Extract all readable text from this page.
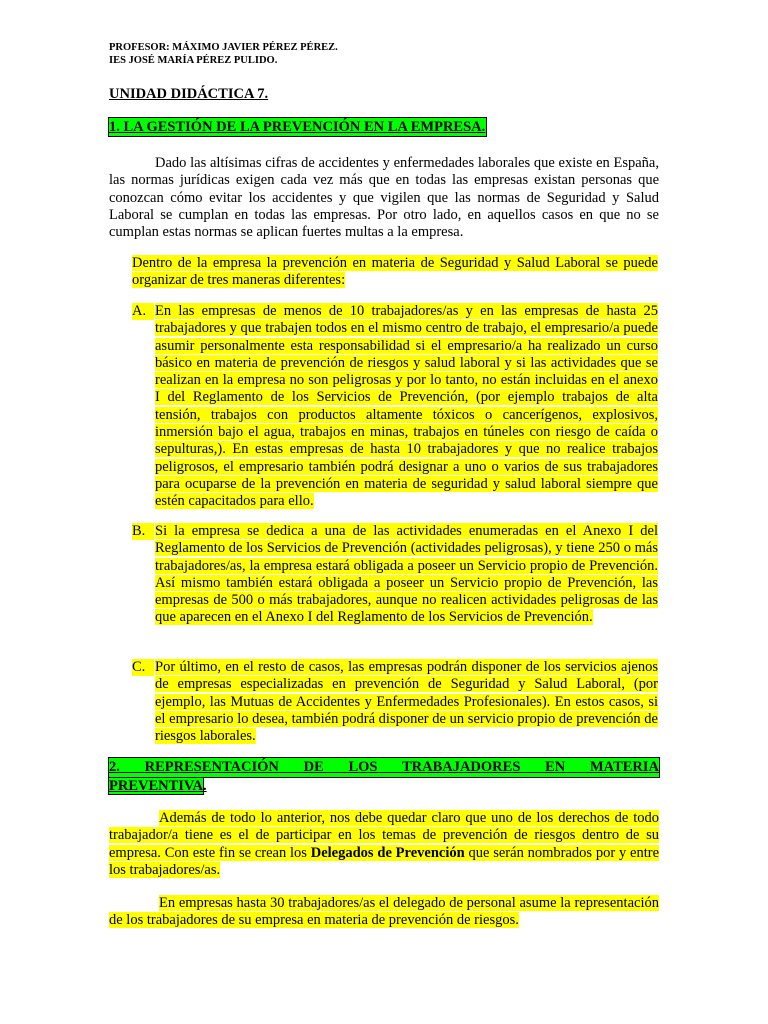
PROFESOR: MÁXIMO JAVIER PÉREZ PÉREZ.
IES JOSÉ MARÍA PÉREZ PULIDO.
UNIDAD DIDÁCTICA 7.
1. LA GESTIÓN DE LA PREVENCIÓN EN LA EMPRESA.
Dado las altísimas cifras de accidentes y enfermedades laborales que existe en España, las normas jurídicas exigen cada vez más que en todas las empresas existan personas que conozcan cómo evitar los accidentes y que vigilen que las normas de Seguridad y Salud Laboral se cumplan en todas las empresas. Por otro lado, en aquellos casos en que no se cumplan estas normas se aplican fuertes multas a la empresa.
Dentro de la empresa la prevención en materia de Seguridad y Salud Laboral se puede organizar de tres maneras diferentes:
A. En las empresas de menos de 10 trabajadores/as y en las empresas de hasta 25 trabajadores y que trabajen todos en el mismo centro de trabajo, el empresario/a puede asumir personalmente esta responsabilidad si el empresario/a ha realizado un curso básico en materia de prevención de riesgos y salud laboral y si las actividades que se realizan en la empresa no son peligrosas y por lo tanto, no están incluidas en el anexo I del Reglamento de los Servicios de Prevención, (por ejemplo trabajos de alta tensión, trabajos con productos altamente tóxicos o cancerígenos, explosivos, inmersión bajo el agua, trabajos en minas, trabajos en túneles con riesgo de caída o sepulturas,). En estas empresas de hasta 10 trabajadores y que no realice trabajos peligrosos, el empresario también podrá designar a uno o varios de sus trabajadores para ocuparse de la prevención en materia de seguridad y salud laboral siempre que estén capacitados para ello.
B. Si la empresa se dedica a una de las actividades enumeradas en el Anexo I del Reglamento de los Servicios de Prevención (actividades peligrosas), y tiene 250 o más trabajadores/as, la empresa estará obligada a poseer un Servicio propio de Prevención. Así mismo también estará obligada a poseer un Servicio propio de Prevención, las empresas de 500 o más trabajadores, aunque no realicen actividades peligrosas de las que aparecen en el Anexo I del Reglamento de los Servicios de Prevención.
C. Por último, en el resto de casos, las empresas podrán disponer de los servicios ajenos de empresas especializadas en prevención de Seguridad y Salud Laboral, (por ejemplo, las Mutuas de Accidentes y Enfermedades Profesionales). En estos casos, si el empresario lo desea, también podrá disponer de un servicio propio de prevención de riesgos laborales.
2. REPRESENTACIÓN DE LOS TRABAJADORES EN MATERIA
PREVENTIVA.
Además de todo lo anterior, nos debe quedar claro que uno de los derechos de todo trabajador/a tiene es el de participar en los temas de prevención de riesgos dentro de su empresa. Con este fin se crean los Delegados de Prevención que serán nombrados por y entre los trabajadores/as.
En empresas hasta 30 trabajadores/as el delegado de personal asume la representación de los trabajadores de su empresa en materia de prevención de riesgos.
